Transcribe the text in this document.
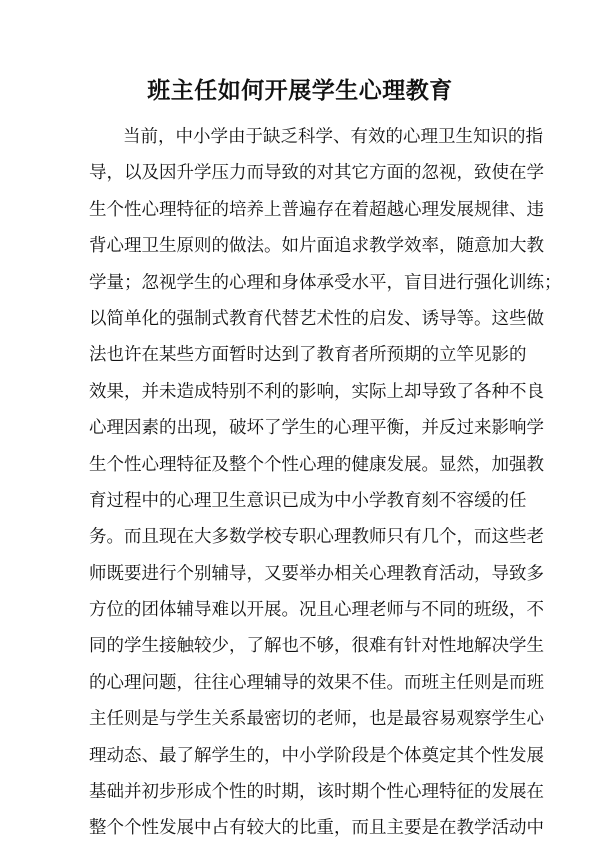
班主任如何开展学生心理教育
当前，中小学由于缺乏科学、有效的心理卫生知识的指
导，以及因升学压力而导致的对其它方面的忽视，致使在学
生个性心理特征的培养上普遍存在着超越心理发展规律、违
背心理卫生原则的做法。如片面追求教学效率，随意加大教
学量；忽视学生的心理和身体承受水平，盲目进行强化训练；
以简单化的强制式教育代替艺术性的启发、诱导等。这些做
法也许在某些方面暂时达到了教育者所预期的立竿见影的
效果，并未造成特别不利的影响，实际上却导致了各种不良
心理因素的出现，破坏了学生的心理平衡，并反过来影响学
生个性心理特征及整个个性心理的健康发展。显然，加强教
育过程中的心理卫生意识已成为中小学教育刻不容缓的任
务。而且现在大多数学校专职心理教师只有几个，而这些老
师既要进行个别辅导，又要举办相关心理教育活动，导致多
方位的团体辅导难以开展。况且心理老师与不同的班级，不
同的学生接触较少，了解也不够，很难有针对性地解决学生
的心理问题，往往心理辅导的效果不佳。而班主任则是而班
主任则是与学生关系最密切的老师，也是最容易观察学生心
理动态、最了解学生的，中小学阶段是个体奠定其个性发展
基础并初步形成个性的时期，该时期个性心理特征的发展在
整个个性发展中占有较大的比重，而且主要是在教学活动中
